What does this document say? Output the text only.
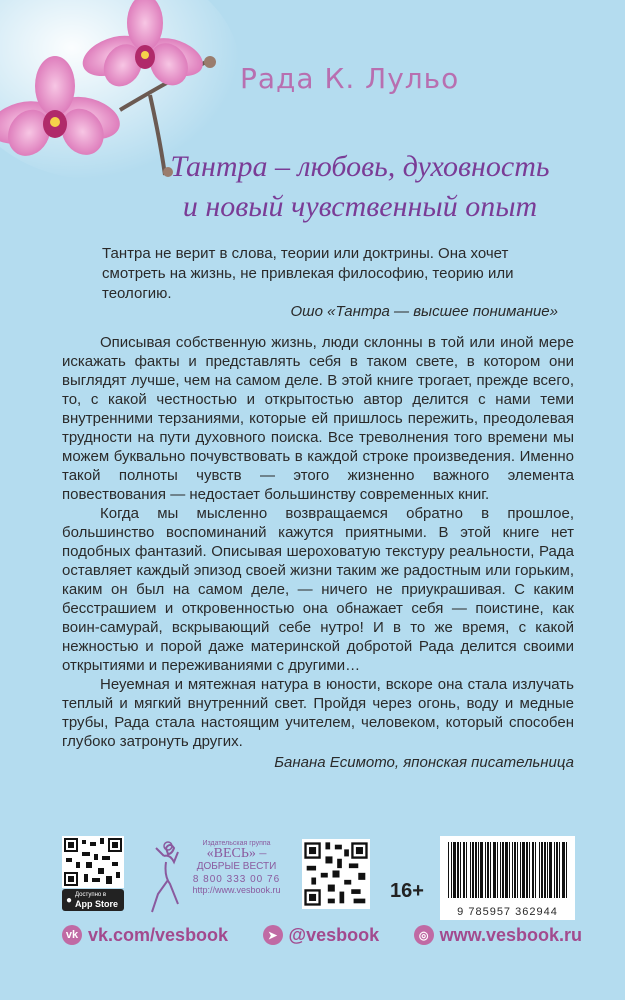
Рада К. Лульо
Тантра – любовь, духовность
и новый чувственный опыт

Тантра не верит в слова, теории или доктрины. Она хочет смотреть на жизнь, не привлекая философию, теорию или теологию.

Ошо «Тантра — высшее понимание»

Описывая собственную жизнь, люди склонны в той или иной мере искажать факты и представлять себя в таком свете, в котором они выглядят лучше, чем на самом деле. В этой книге трогает, прежде всего, то, с какой честностью и открытостью автор делится с нами теми внутренними терзаниями, которые ей пришлось пережить, преодолевая трудности на пути духовного поиска. Все треволнения того времени мы можем буквально почувствовать в каждой строке произведения. Именно такой полноты чувств — этого жизненно важного элемента повествования — недостает большинству современных книг.

Когда мы мысленно возвращаемся обратно в прошлое, большинство воспоминаний кажутся приятными. В этой книге нет подобных фантазий. Описывая шероховатую текстуру реальности, Рада оставляет каждый эпизод своей жизни таким же радостным или горьким, каким он был на самом деле, — ничего не приукрашивая. С каким бесстрашием и откровенностью она обнажает себя — поистине, как воин-самурай, вскрывающий себе нутро! И в то же время, с какой нежностью и порой даже материнской добротой Рада делится своими открытиями и переживаниями с другими…

Неуемная и мятежная натура в юности, вскоре она стала излучать теплый и мягкий внутренний свет. Пройдя через огонь, воду и медные трубы, Рада стала настоящим учителем, человеком, который способен глубоко затронуть других.

Банана Есимото, японская писательница

● Доступно в
App Store
Издательская группа
«ВЕСЬ» –
ДОБРЫЕ ВЕСТИ
8 800 333 00 76
http://www.vesbook.ru	16+
9 785957 362944
vk vk.com/vesbook	➤ @vesbook	◎ www.vesbook.ru
